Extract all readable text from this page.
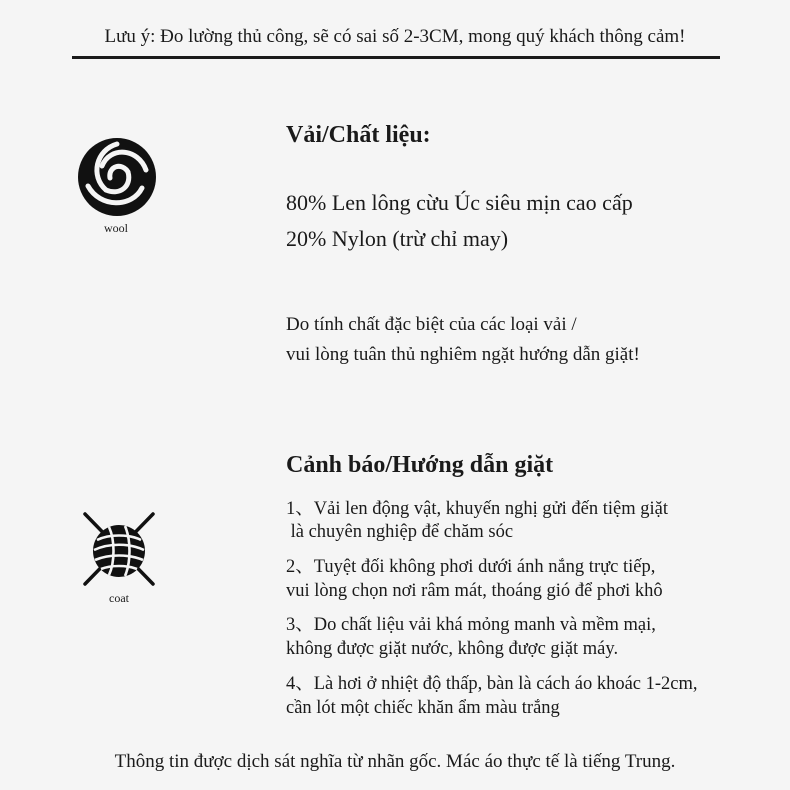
Lưu ý: Đo lường thủ công, sẽ có sai số 2-3CM, mong quý khách thông cảm!
wool
Vải/Chất liệu:
80% Len lông cừu Úc siêu mịn cao cấp
20% Nylon (trừ chỉ may)
Do tính chất đặc biệt của các loại vải /
vui lòng tuân thủ nghiêm ngặt hướng dẫn giặt!
coat
Cảnh báo/Hướng dẫn giặt
1、Vải len động vật, khuyến nghị gửi đến tiệm giặt
là chuyên nghiệp để chăm sóc
2、Tuyệt đối không phơi dưới ánh nắng trực tiếp,
vui lòng chọn nơi râm mát, thoáng gió để phơi khô
3、Do chất liệu vải khá mỏng manh và mềm mại,
không được giặt nước, không được giặt máy.
4、Là hơi ở nhiệt độ thấp, bàn là cách áo khoác 1-2cm,
cần lót một chiếc khăn ẩm màu trắng
Thông tin được dịch sát nghĩa từ nhãn gốc. Mác áo thực tế là tiếng Trung.
